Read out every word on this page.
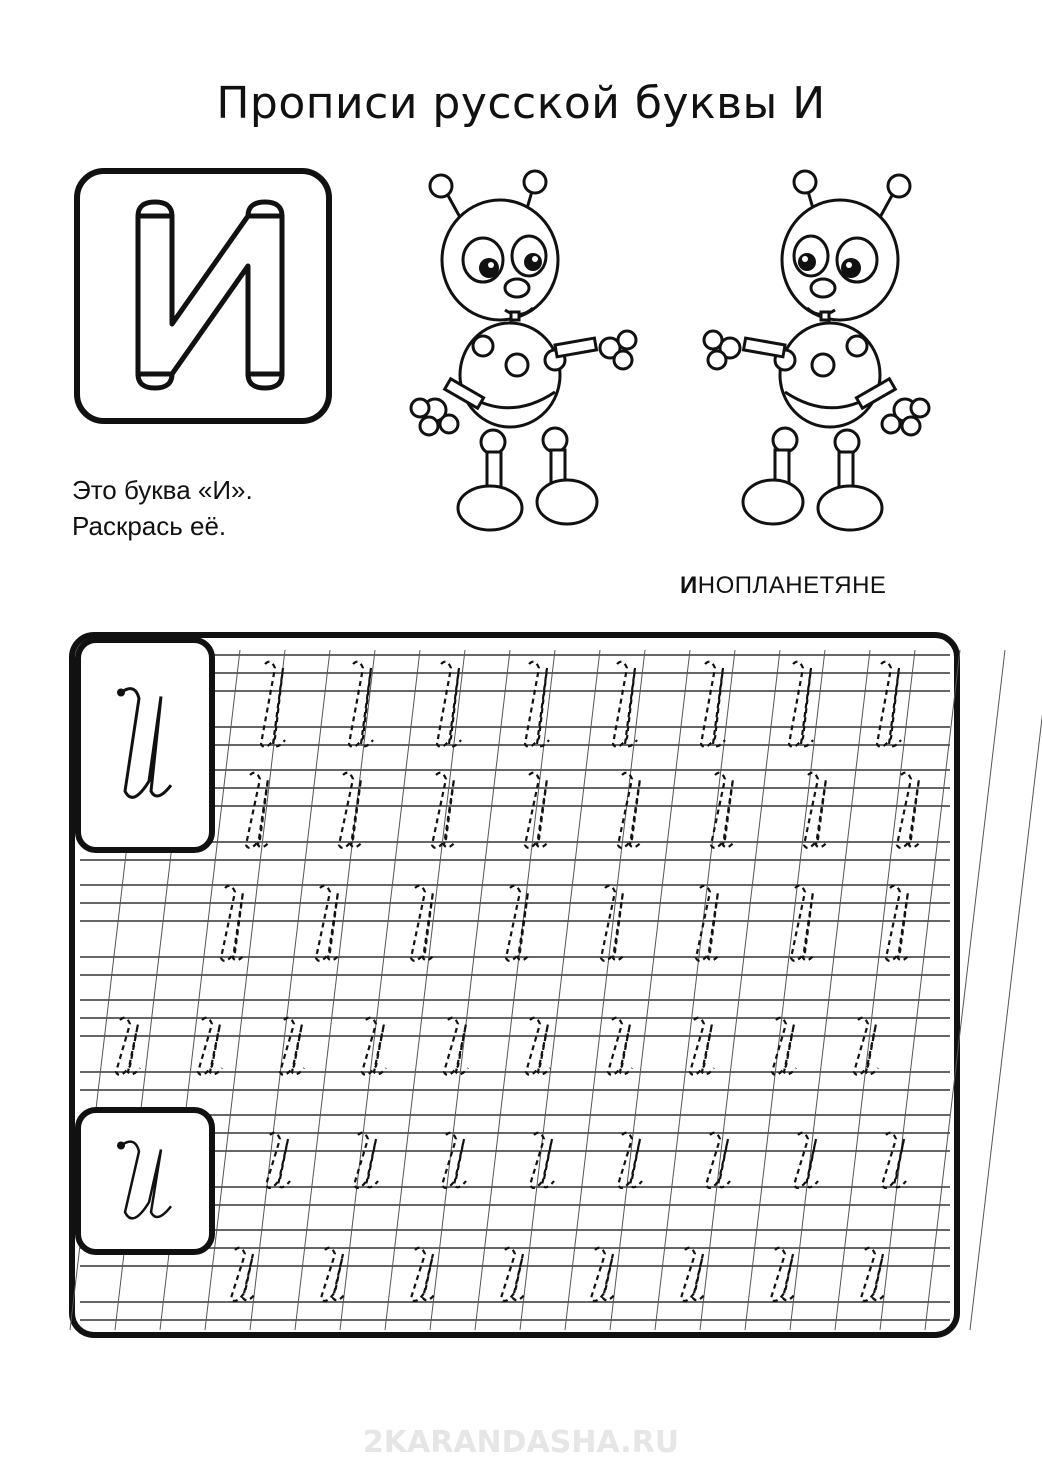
Прописи русской буквы И
Это буква «И».
Раскрась её.
ИНОПЛАНЕТЯНЕ
2KARANDASHA.RU
